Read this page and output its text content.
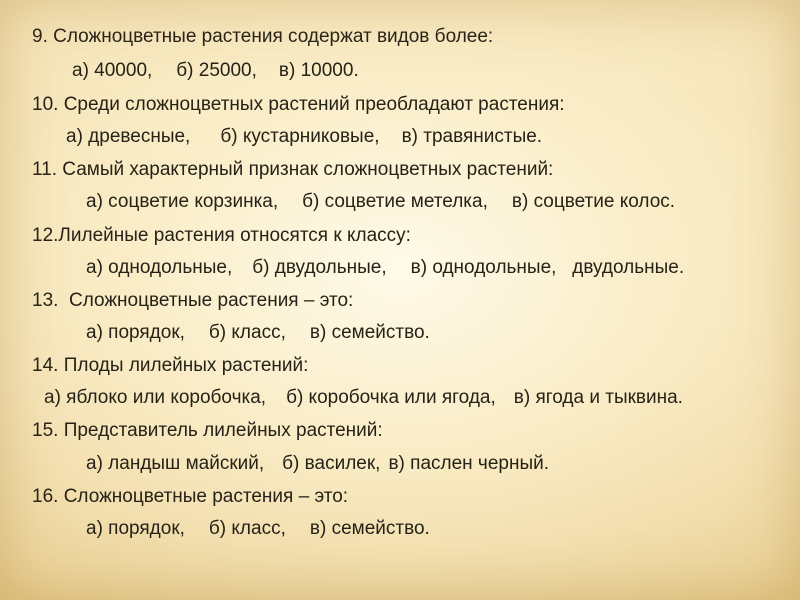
9. Сложноцветные растения содержат видов более:
а) 40000, б) 25000, в) 10000.
10. Среди сложноцветных растений преобладают растения:
а) древесные, б) кустарниковые, в) травянистые.
11. Самый характерный признак сложноцветных растений:
а) соцветие корзинка, б) соцветие метелка, в) соцветие колос.
12.Лилейные растения относятся к классу:
а) однодольные, б) двудольные, в) однодольные,   двудольные.
13.  Сложноцветные растения – это:
а) порядок, б) класс, в) семейство.
14. Плоды лилейных растений:
а) яблоко или коробочка, б) коробочка или ягода, в) ягода и тыквина.
15. Представитель лилейных растений:
а) ландыш майский, б) василек, в) паслен черный.
16. Сложноцветные растения – это:
а) порядок, б) класс, в) семейство.
